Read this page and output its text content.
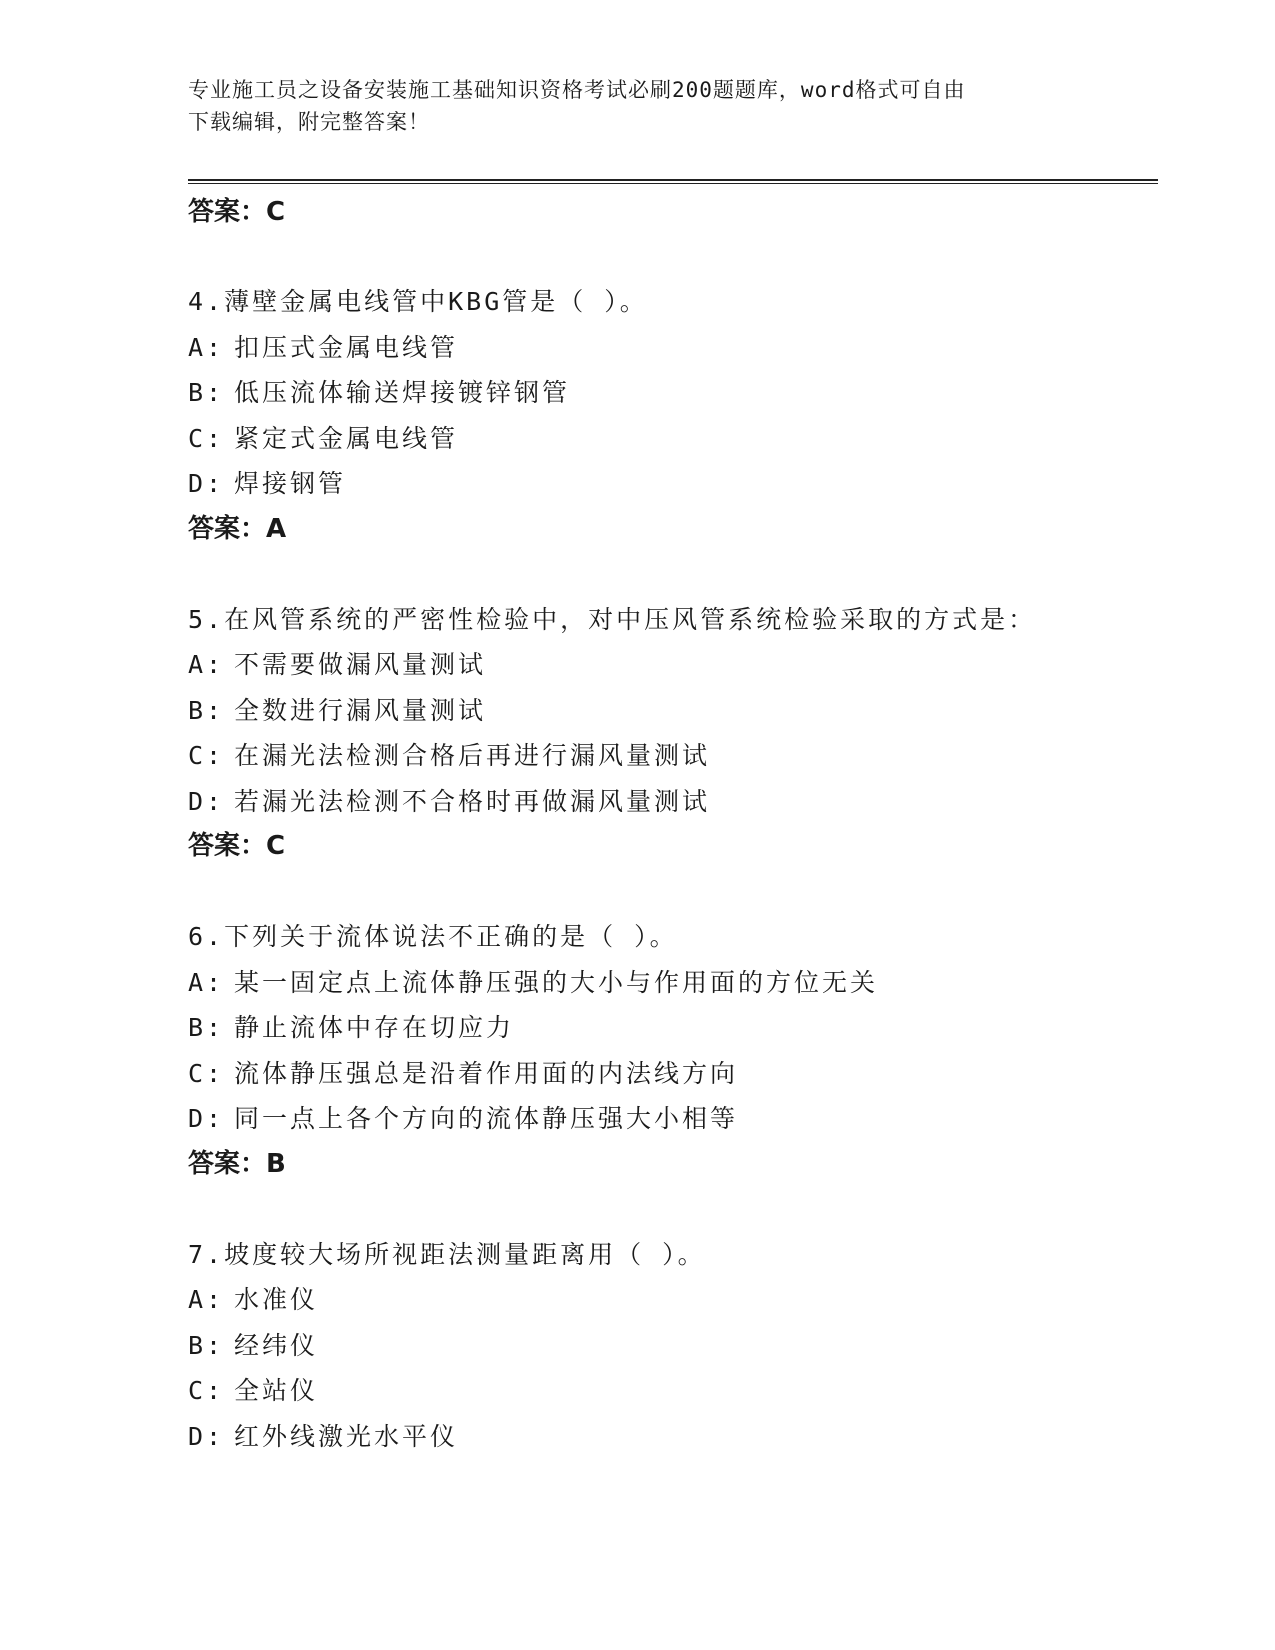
专业施工员之设备安装施工基础知识资格考试必刷200题题库，word格式可自由
下载编辑，附完整答案！
答案：C
4.薄壁金属电线管中KBG管是（ ）。
A: 扣压式金属电线管
B: 低压流体输送焊接镀锌钢管
C: 紧定式金属电线管
D: 焊接钢管
答案：A
5.在风管系统的严密性检验中，对中压风管系统检验采取的方式是：
A: 不需要做漏风量测试
B: 全数进行漏风量测试
C: 在漏光法检测合格后再进行漏风量测试
D: 若漏光法检测不合格时再做漏风量测试
答案：C
6.下列关于流体说法不正确的是（ ）。
A: 某一固定点上流体静压强的大小与作用面的方位无关
B: 静止流体中存在切应力
C: 流体静压强总是沿着作用面的内法线方向
D: 同一点上各个方向的流体静压强大小相等
答案：B
7.坡度较大场所视距法测量距离用（ ）。
A: 水准仪
B: 经纬仪
C: 全站仪
D: 红外线激光水平仪
